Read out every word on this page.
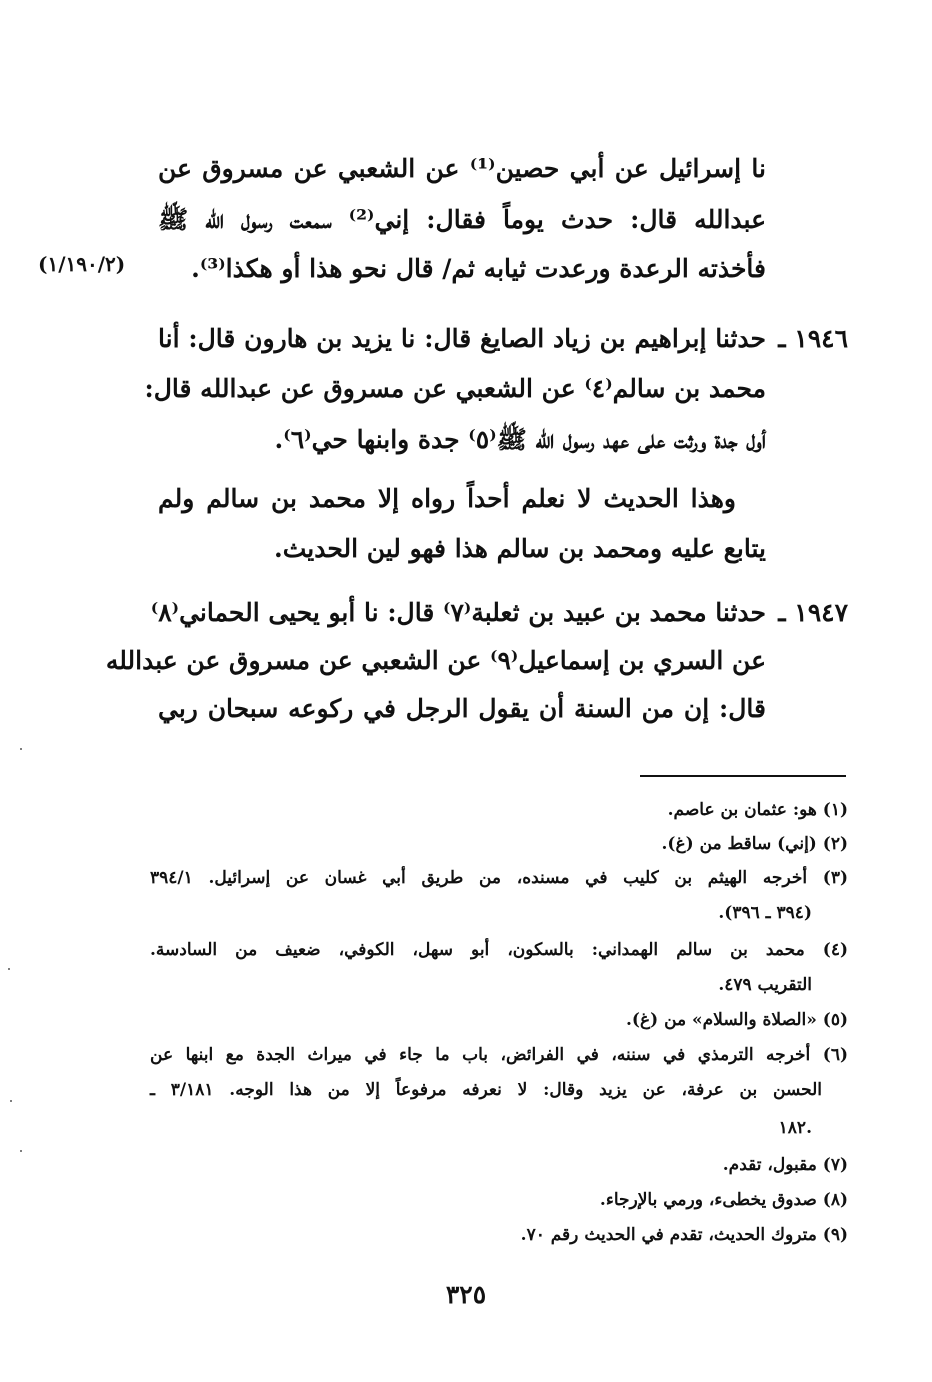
نا إسرائيل عن أبي حصين⁽¹⁾ عن الشعبي عن مسروق عن
عبدالله قال: حدث يوماً فقال: إني⁽²⁾ سمعت رسول الله ﷺ
فأخذته الرعدة ورعدت ثيابه ثم/ قال نحو هذا أو هكذا⁽³⁾.
(١/١٩٠/٢)
١٩٤٦ ـ
حدثنا إبراهيم بن زياد الصايغ قال: نا يزيد بن هارون قال: أنا
محمد بن سالم⁽٤⁾ عن الشعبي عن مسروق عن عبدالله قال:
أول جدة ورثت على عهد رسول الله ﷺ⁽٥⁾ جدة وابنها حي⁽٦⁾.
وهذا الحديث لا نعلم أحداً رواه إلا محمد بن سالم ولم
يتابع عليه ومحمد بن سالم هذا فهو لين الحديث.
١٩٤٧ ـ
حدثنا محمد بن عبيد بن ثعلبة⁽٧⁾ قال: نا أبو يحيى الحماني⁽٨⁾
عن السري بن إسماعيل⁽٩⁾ عن الشعبي عن مسروق عن عبدالله
قال: إن من السنة أن يقول الرجل في ركوعه سبحان ربي
(١) هو: عثمان بن عاصم.
(٢) (إني) ساقط من (غ).
(٣) أخرجه الهيثم بن كليب في مسنده، من طريق أبي غسان عن إسرائيل. ٣٩٤/١
(٣٩٤ ـ ٣٩٦).
(٤) محمد بن سالم الهمداني: بالسكون، أبو سهل، الكوفي، ضعيف من السادسة.
التقريب ٤٧٩.
(٥) «الصلاة والسلام» من (غ).
(٦) أخرجه الترمذي في سننه، في الفرائض، باب ما جاء في ميراث الجدة مع ابنها عن
الحسن بن عرفة، عن يزيد وقال: لا نعرفه مرفوعاً إلا من هذا الوجه. ٣/١٨١ ـ
١٨٢.
(٧) مقبول، تقدم.
(٨) صدوق يخطىء، ورمي بالإرجاء.
(٩) متروك الحديث، تقدم في الحديث رقم ٧٠.
٣٢٥
